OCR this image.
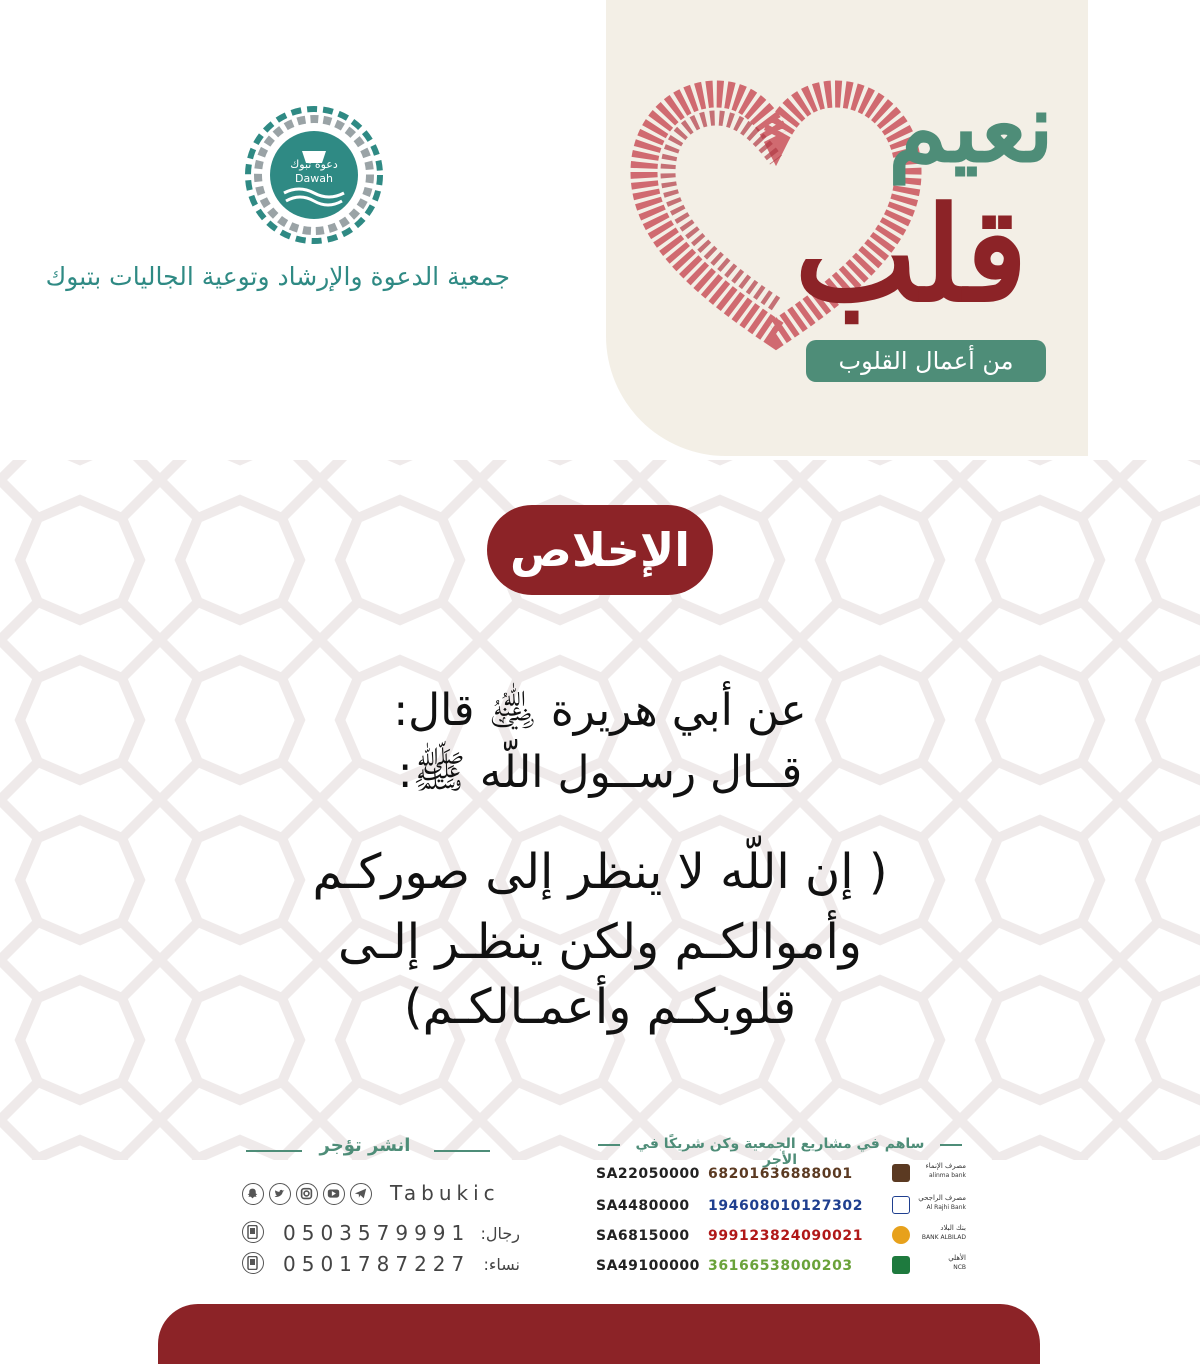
نعيم
قلب
من أعمال القلوب
دعوة تبوك
Dawah
جمعية الدعوة والإرشاد وتوعية الجاليات بتبوك
الإخلاص
عن أبي هريرة ﵁ قال:
قــال رســول اللّه ﷺ:
( إن اللّه لا ينظر إلى صوركـم
وأموالكـم ولكن ينظـر إلـى
قلوبكـم وأعمـالكـم)
انشر تؤجر
Tabukic
0503579991 رجال:
0501787227 نساء:
ساهم في مشاريع الجمعية وكن شريكًا في الأجر
SA22050000 68201636888001	مصرف الإنماء
alinma bank
SA4480000 194608010127302	مصرف الراجحي
Al Rajhi Bank
SA6815000 999123824090021	بنك البلاد
BANK ALBILAD
SA49100000 36166538000203	الأهلي
NCB
